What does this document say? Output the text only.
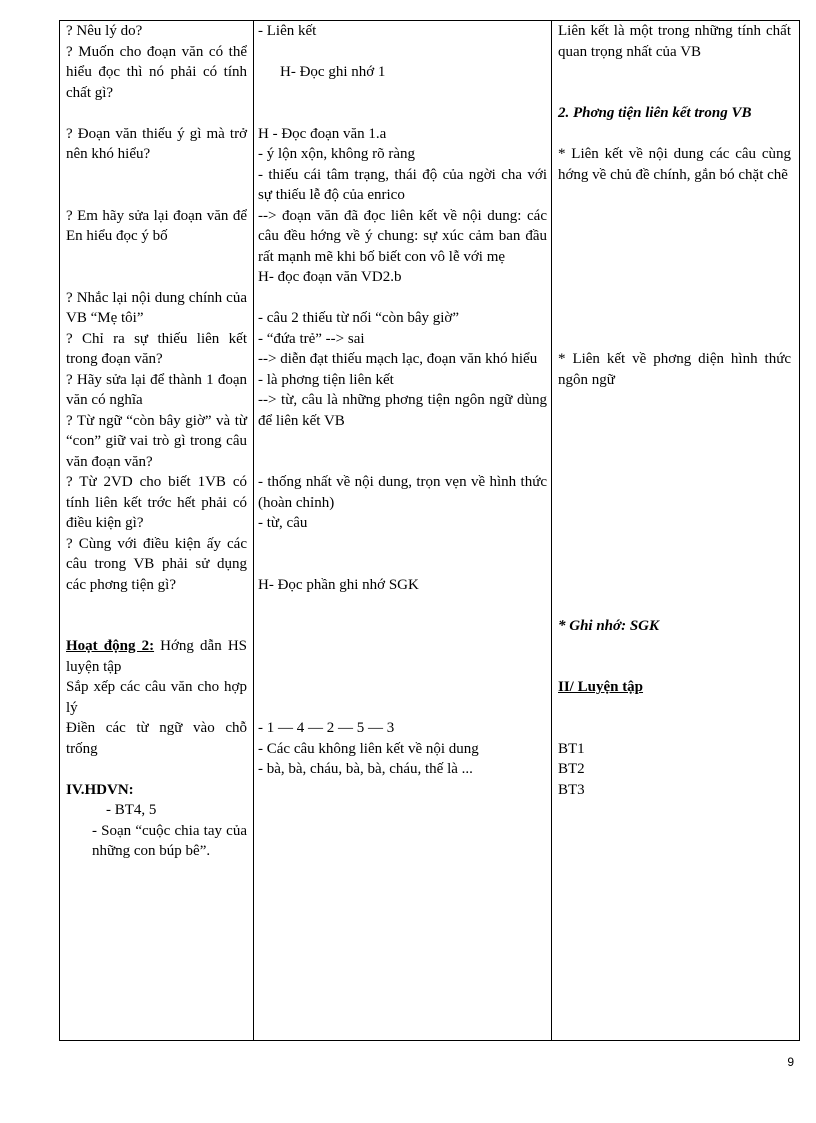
? Nêu lý do?

? Muốn cho đoạn văn có thể hiểu đọc thì nó phải có tính chất gì?

? Đoạn văn thiếu ý gì mà trở nên khó hiểu?

? Em hãy sửa lại đoạn văn để En hiểu đọc ý bố

? Nhắc lại nội dung chính của VB “Mẹ tôi”

? Chỉ ra sự thiếu liên kết trong đoạn văn?

? Hãy sửa lại để thành 1 đoạn văn có nghĩa

? Từ ngữ “còn bây giờ” và từ “con” giữ vai trò gì trong câu văn đoạn văn?

? Từ 2VD cho biết 1VB có tính liên kết trớc hết phải có điều kiện gì?

? Cùng với điều kiện ấy các câu trong VB phải sử dụng các phơng tiện gì?

Hoạt động 2: Hớng dẫn HS luyện tập

Sắp xếp các câu văn cho hợp lý

Điền các từ ngữ vào chỗ trống

IV.HDVN:

- BT4, 5

- Soạn “cuộc chia tay của những con búp bê”.

- Liên kết

H- Đọc ghi nhớ 1

H - Đọc đoạn văn 1.a

- ý lộn xộn, không rõ ràng

- thiếu cái tâm trạng, thái độ của ngời cha với sự thiếu lễ độ của enrico

--> đoạn văn đã đọc liên kết về nội dung: các câu đều hớng về ý chung: sự xúc cảm ban đầu rất mạnh mẽ khi bố biết con vô lễ với mẹ

H- đọc đoạn văn VD2.b

- câu 2 thiếu từ nối “còn bây giờ”

- “đứa trẻ” --> sai

--> diễn đạt thiếu mạch lạc, đoạn văn khó hiểu

- là phơng tiện liên kết

--> từ, câu là những phơng tiện ngôn ngữ dùng để liên kết VB

- thống nhất về nội dung, trọn vẹn về hình thức (hoàn chỉnh)

- từ, câu

H- Đọc phần ghi nhớ SGK

- 1 — 4 — 2 — 5 — 3

- Các câu không liên kết về nội dung

- bà, bà, cháu, bà, bà, cháu, thế là ...

Liên kết là một trong những tính chất quan trọng nhất của VB

2. Phơng tiện liên kết trong VB

* Liên kết về nội dung các câu cùng hớng về chủ đề chính, gắn bó chặt chẽ

* Liên kết về phơng diện hình thức ngôn ngữ

* Ghi nhớ: SGK

II/ Luyện tập

BT1

BT2

BT3

9
